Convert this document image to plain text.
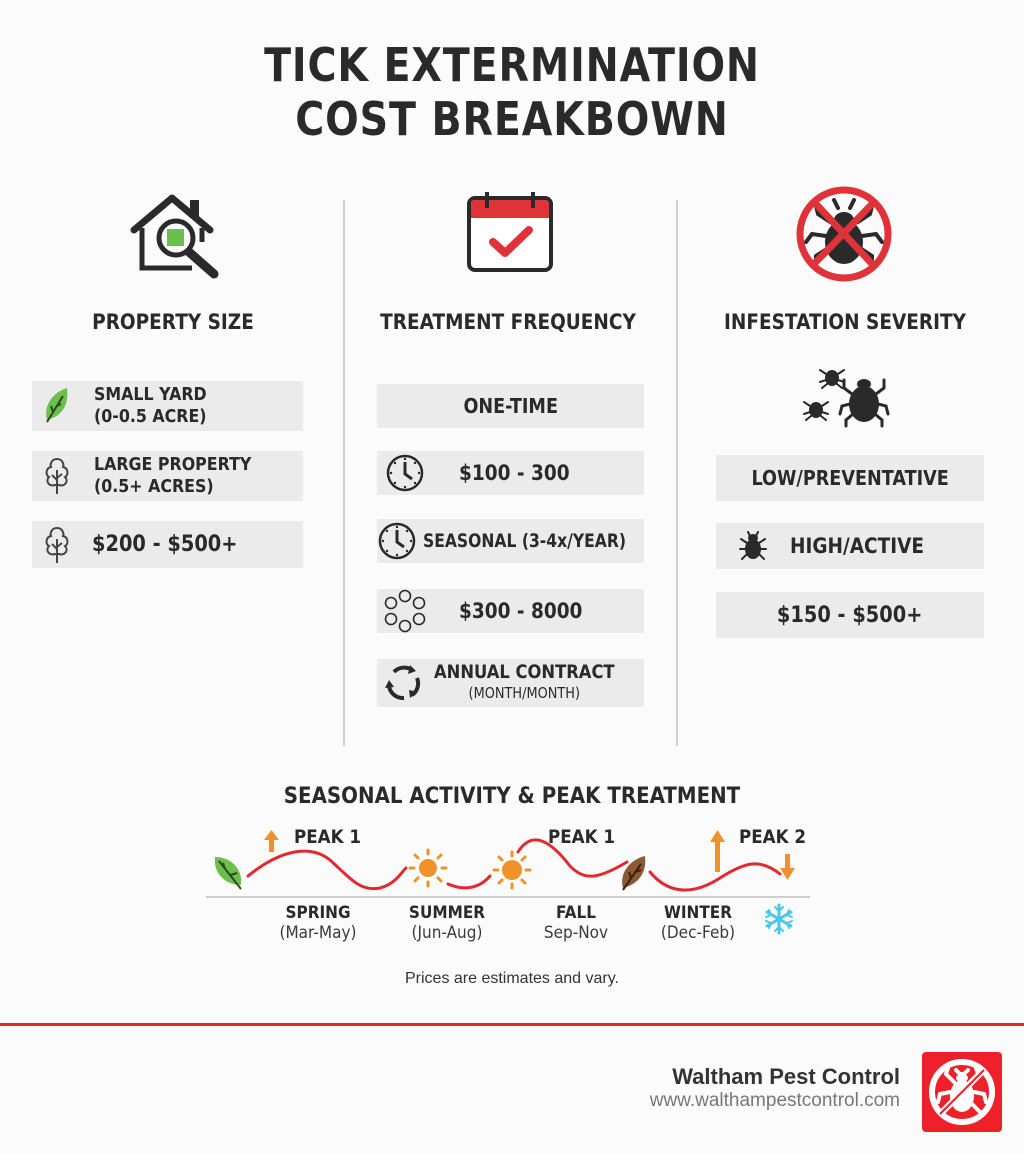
TICK EXTERMINATION
COST BREAKBOWN
PROPERTY SIZE
SMALL YARD
(0-0.5 ACRE)
LARGE PROPERTY
(0.5+ ACRES)
$200 - $500+
TREATMENT FREQUENCY
ONE-TIME
$100 - 300
SEASONAL (3-4x/YEAR)
$300 - 8000
ANNUAL CONTRACT
(MONTH/MONTH)
INFESTATION SEVERITY
LOW/PREVENTATIVE
HIGH/ACTIVE
$150 - $500+
SEASONAL ACTIVITY & PEAK TREATMENT
PEAK 1	PEAK 1	PEAK 2
SPRING
(Mar-May)
SUMMER
(Jun-Aug)
FALL
Sep-Nov
WINTER
(Dec-Feb)
Prices are estimates and vary.
Waltham Pest Control
www.walthampestcontrol.com
